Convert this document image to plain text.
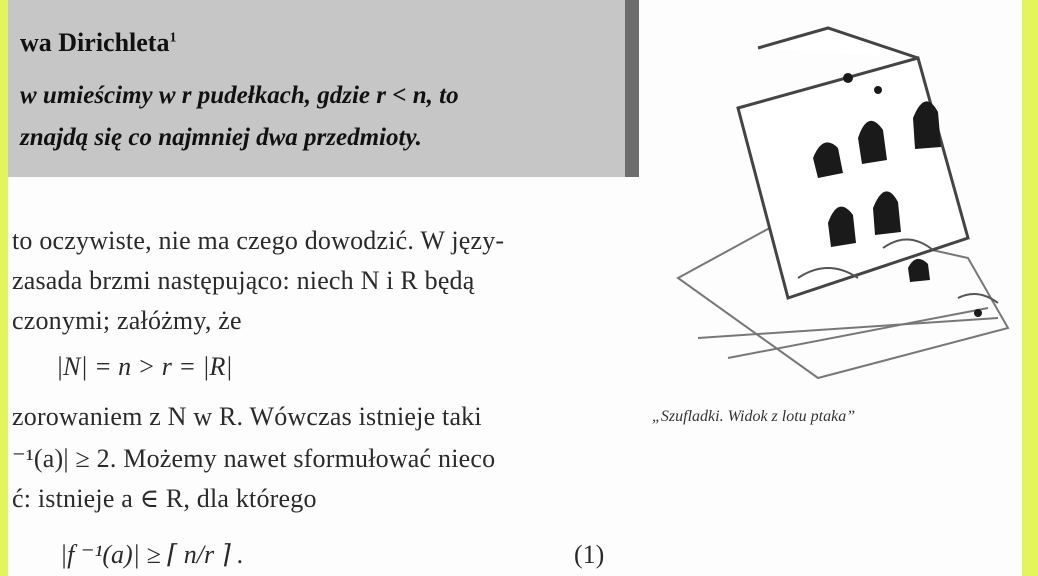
wa Dirichleta$^1$
w umieścimy w r pudełkach, gdzie r < n, to
znajdą się co najmniej dwa przedmioty.
to oczywiste, nie ma czego dowodzić. W języ-
zasada brzmi następująco: niech N i R będą
czonymi; załóżmy, że
|N| = n > r = |R|
zorowaniem z N w R. Wówczas istnieje taki
⁻¹(a)| ≥ 2. Możemy nawet sformułować nieco
ć: istnieje a ∈ R, dla którego
|f ⁻¹(a)| ≥ ⌈ n/r ⌉ .	(1)
„Szufladki. Widok z lotu ptaka”
